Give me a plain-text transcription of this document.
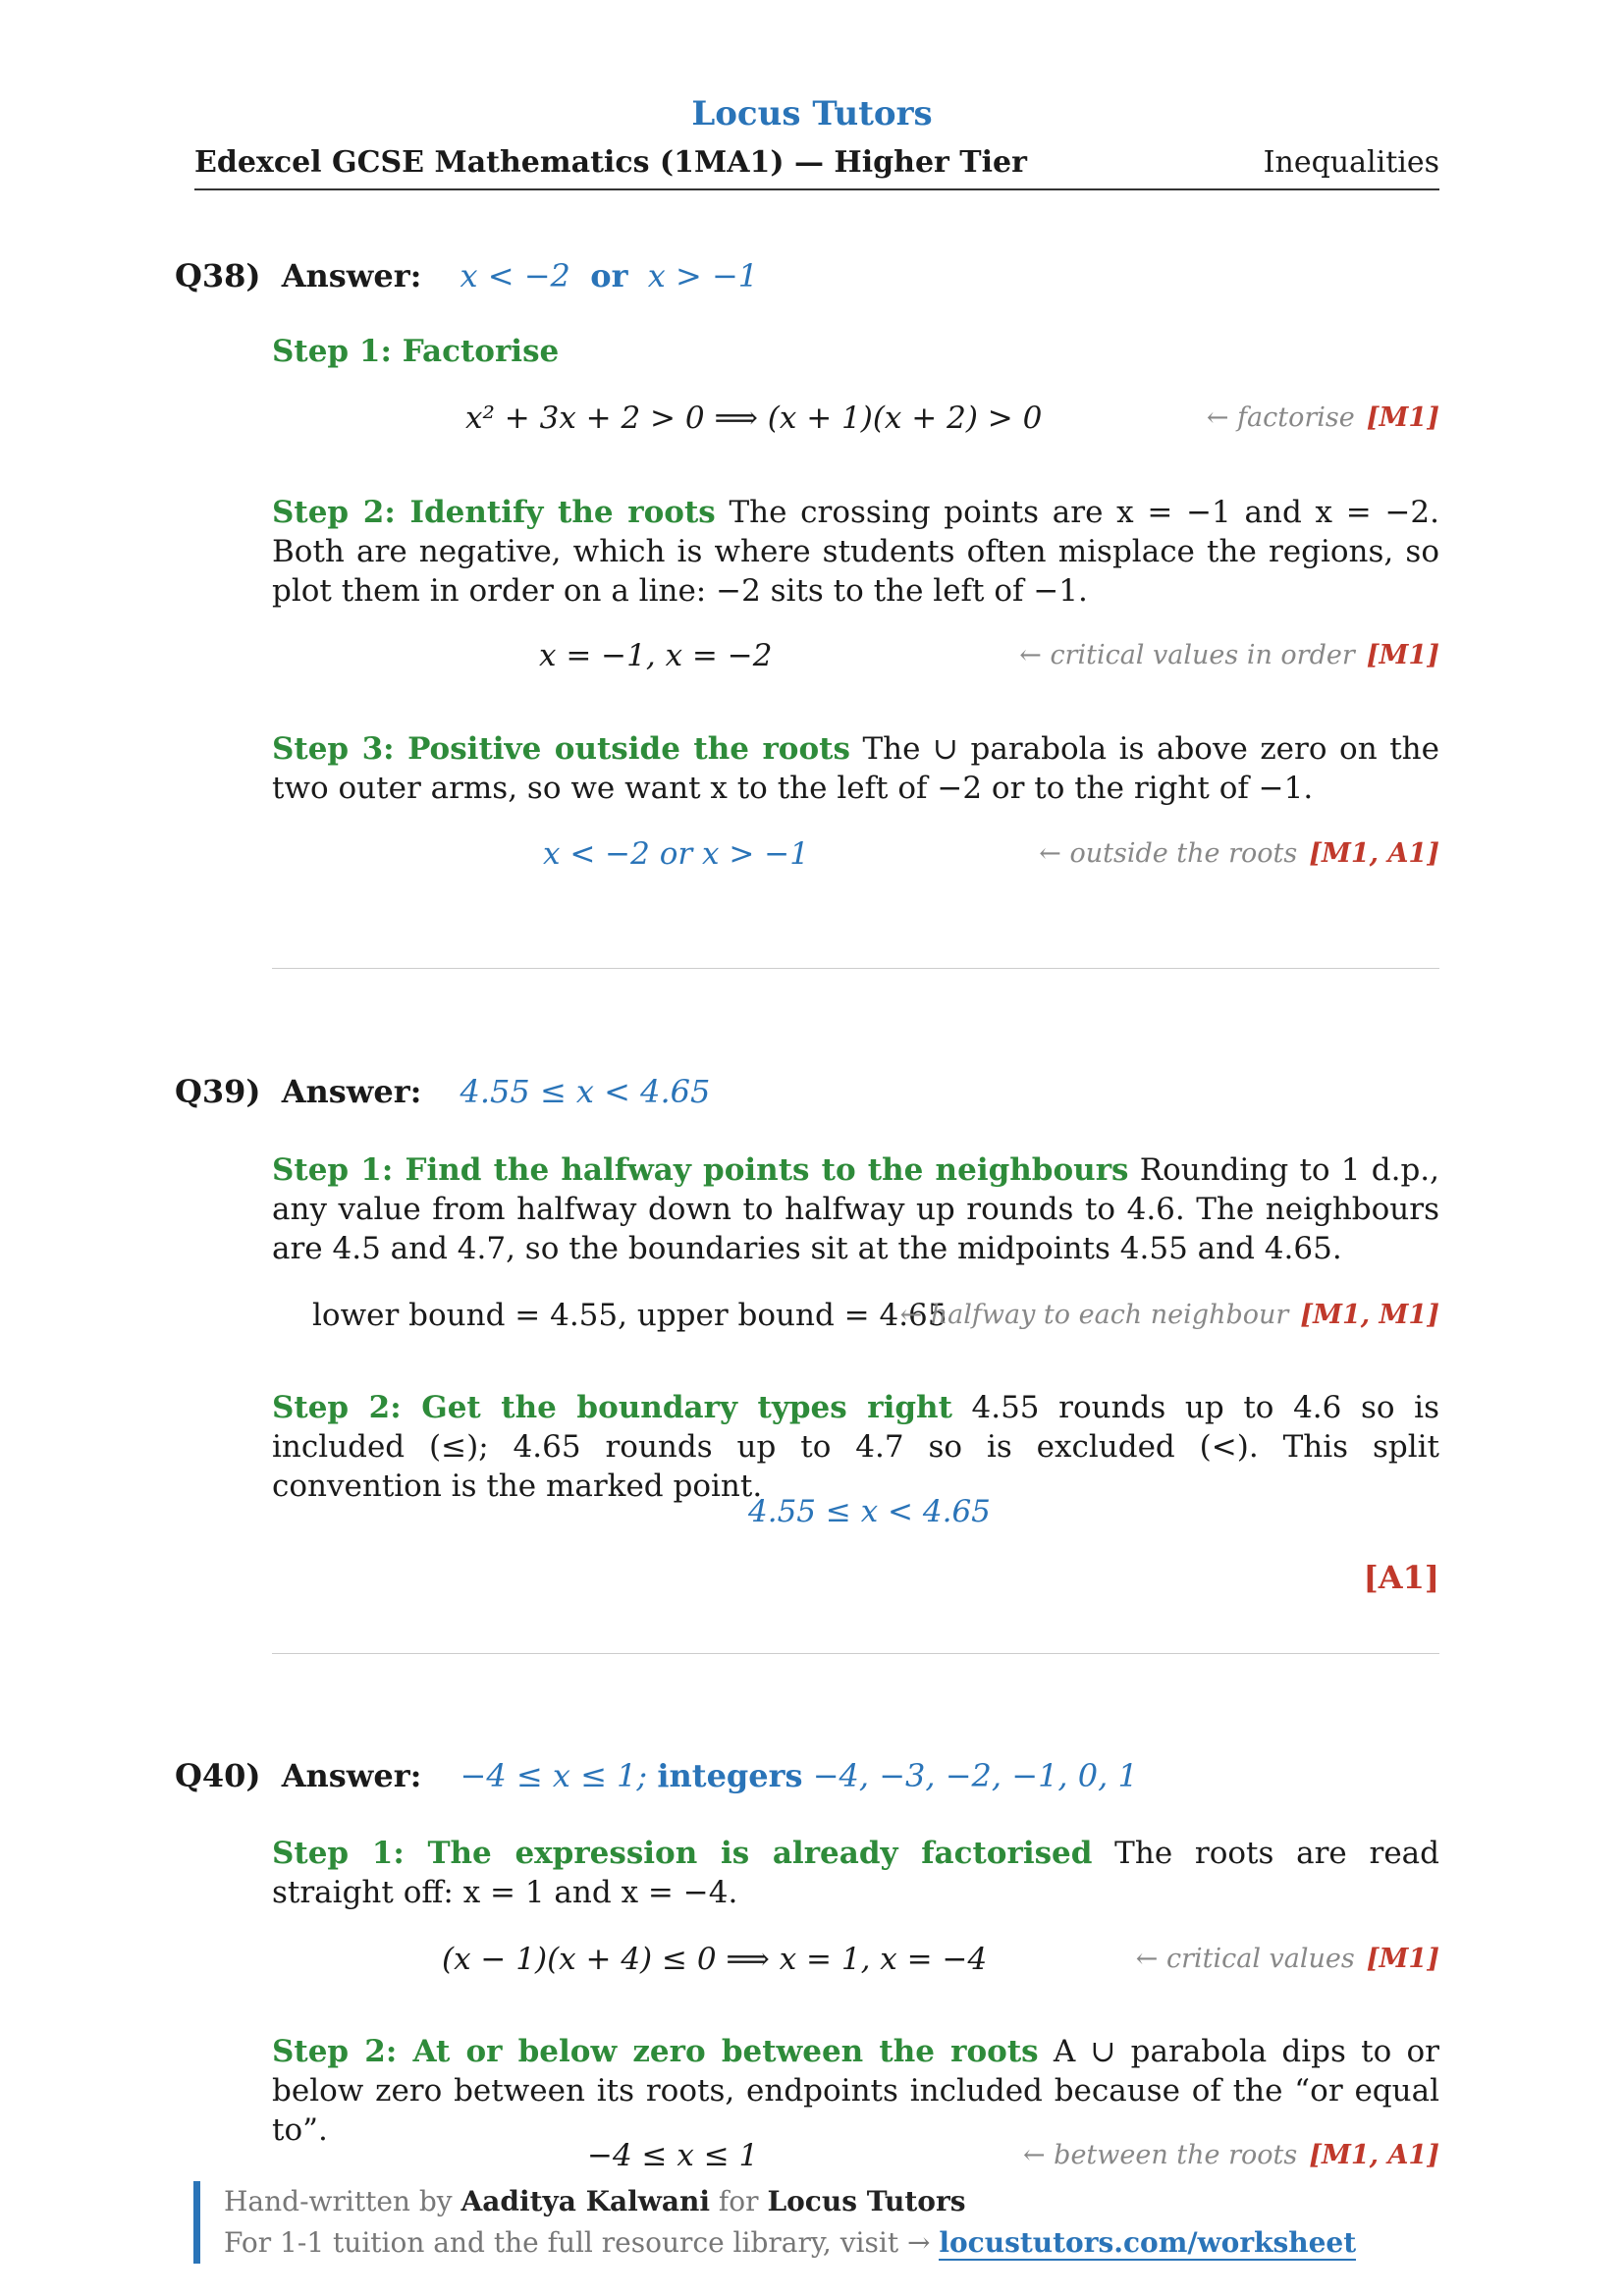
Locus Tutors
Edexcel GCSE Mathematics (1MA1) — Higher Tier	Inequalities
Q38) Answer: x < −2 or x > −1
Step 1: Factorise
x² + 3x + 2 > 0 ⟹ (x + 1)(x + 2) > 0	← factorise [M1]
Step 2: Identify the roots The crossing points are x = −1 and x = −2. Both are negative, which is where students often misplace the regions, so plot them in order on a line: −2 sits to the left of −1.
x = −1, x = −2	← critical values in order [M1]
Step 3: Positive outside the roots The ∪ parabola is above zero on the two outer arms, so we want x to the left of −2 or to the right of −1.
x < −2 or x > −1	← outside the roots [M1, A1]
Q39) Answer: 4.55 ≤ x < 4.65
Step 1: Find the halfway points to the neighbours Rounding to 1 d.p., any value from halfway down to halfway up rounds to 4.6. The neighbours are 4.5 and 4.7, so the boundaries sit at the midpoints 4.55 and 4.65.
lower bound = 4.55, upper bound = 4.65
← halfway to each neighbour [M1, M1]
Step 2: Get the boundary types right 4.55 rounds up to 4.6 so is included (≤); 4.65 rounds up to 4.7 so is excluded (<). This split convention is the marked point.
4.55 ≤ x < 4.65
[A1]
Q40) Answer: −4 ≤ x ≤ 1; integers −4, −3, −2, −1, 0, 1
Step 1: The expression is already factorised The roots are read straight off: x = 1 and x = −4.
(x − 1)(x + 4) ≤ 0 ⟹ x = 1, x = −4	← critical values [M1]
Step 2: At or below zero between the roots A ∪ parabola dips to or below zero between its roots, endpoints included because of the “or equal to”.
−4 ≤ x ≤ 1	← between the roots [M1, A1]
Hand-written by Aaditya Kalwani for Locus Tutors
For 1-1 tuition and the full resource library, visit → locustutors.com/worksheet
